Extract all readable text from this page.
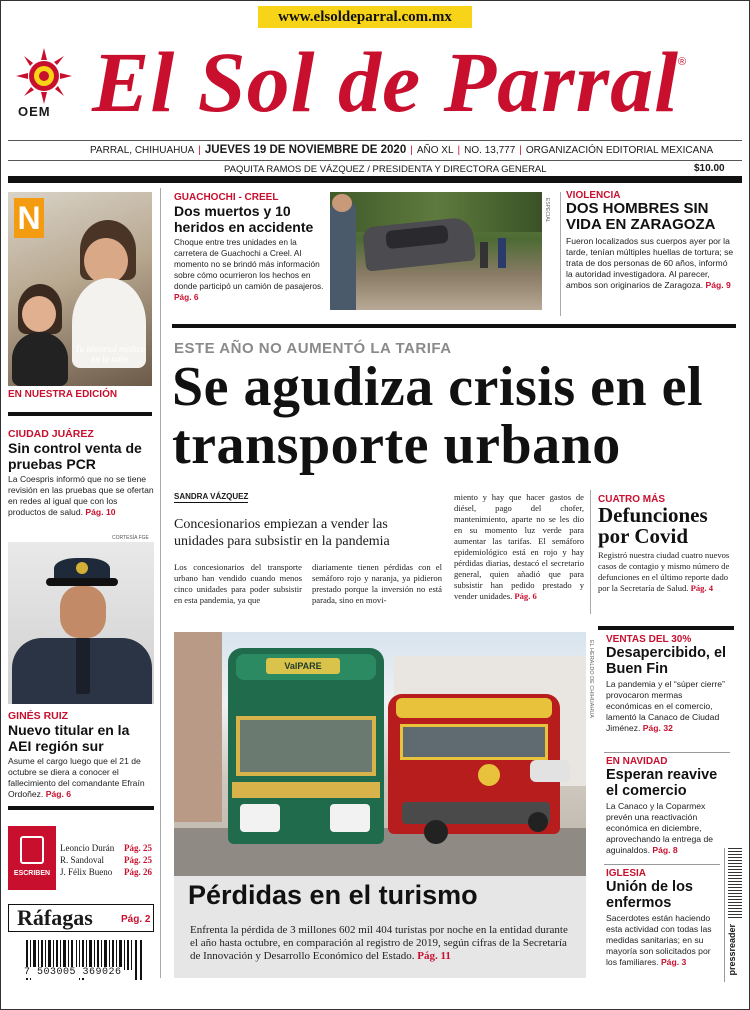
www.elsoldeparral.com.mx
OEM El Sol de Parral
®
PARRAL, CHIHUAHUA | JUEVES 19 DE NOVIEMBRE DE 2020 | AÑO XL | NO. 13,777 | ORGANIZACIÓN EDITORIAL MEXICANA
PAQUITA RAMOS DE VÁZQUEZ / PRESIDENTA Y DIRECTORA GENERAL	$10.00
N
Tu historial médico en la nube
EN NUESTRA EDICIÓN
CIUDAD JUÁREZ
Sin control venta de pruebas PCR
La Coespris informó que no se tiene revisión en las pruebas que se ofertan en redes al igual que con los productos de salud. Pág. 10
CORTESÍA FGE
GINÉS RUIZ
Nuevo titular en la AEI región sur
Asume el cargo luego que el 21 de octubre se diera a conocer el fallecimiento del comandante Efraín Ordoñez. Pág. 6
ESCRIBEN
Leoncio Durán Pág. 25
R. Sandoval Pág. 25
J. Félix Bueno Pág. 26
Ráfagas	Pág. 2
7 503005 369026
GUACHOCHI - CREEL
Dos muertos y 10 heridos en accidente
Choque entre tres unidades en la carretera de Guachochi a Creel. Al momento no se brindó más información sobre cómo ocurrieron los hechos en donde participó un camión de pasajeros. Pág. 6
ESPECIAL
VIOLENCIA
DOS HOMBRES SIN VIDA EN ZARAGOZA
Fueron localizados sus cuerpos ayer por la tarde, tenían múltiples huellas de tortura; se trata de dos personas de 60 años, informó la autoridad investigadora. Al parecer, ambos son originarios de Zaragoza. Pág. 9
ESTE AÑO NO AUMENTÓ LA TARIFA
Se agudiza crisis en el transporte urbano
SANDRA VÁZQUEZ
Concesionarios empiezan a vender las unidades para subsistir en la pandemia
Los concesionarios del transporte urbano han vendido cuando menos cinco unidades para poder subsistir en esta pandemia, ya que
diariamente tienen pérdidas con el semáforo rojo y naranja, ya pidieron prestado porque la inversión no está parada, sino en movi-
miento y hay que hacer gastos de diésel, pago del chofer, mantenimiento, aparte no se les dio en su momento luz verde para aumentar las tarifas. El semáforo epidemiológico está en rojo y hay pérdidas diarias, destacó el secretario general, quien añadió que para subsistir han pedido prestado y vender unidades. Pág. 6
CUATRO MÁS
Defunciones por Covid
Registró nuestra ciudad cuatro nuevos casos de contagio y mismo número de defunciones en el último reporte dado por la Secretaría de Salud. Pág. 4
ValPARE	EL HERALDO DE CHIHUAHUA
Pérdidas en el turismo
Enfrenta la pérdida de 3 millones 602 mil 404 turistas por noche en la entidad durante el año hasta octubre, en comparación al registro de 2019, según cifras de la Secretaría de Innovación y Desarrollo Económico del Estado. Pág. 11
VENTAS DEL 30%
Desapercibido, el Buen Fin
La pandemia y el “súper cierre” provocaron mermas económicas en el comercio, lamentó la Canaco de Ciudad Jiménez. Pág. 32
EN NAVIDAD
Esperan reavive el comercio
La Canaco y la Coparmex prevén una reactivación económica en diciembre, aprovechando la entrega de aguinaldos. Pág. 8
IGLESIA
Unión de los enfermos
Sacerdotes están haciendo esta actividad con todas las medidas sanitarias; en su mayoría son solicitados por los familiares. Pág. 3	pressreader
